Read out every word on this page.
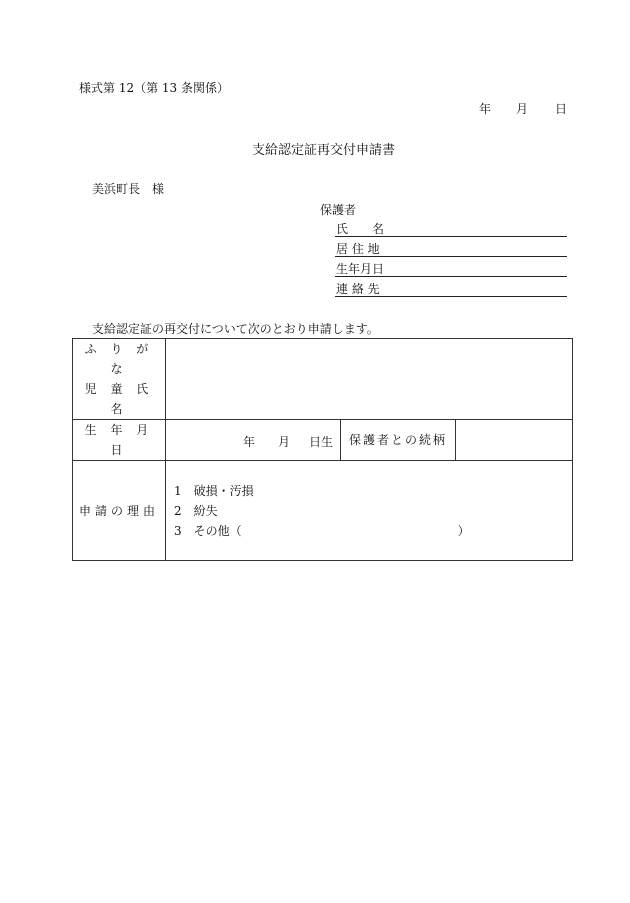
様式第 12（第 13 条関係）
年 月 日
支給認定証再交付申請書
美浜町長　様
保護者
氏　　名
居 住 地
生年月日
連 絡 先
支給認定証の再交付について次のとおり申請します。
ふ り が な
児 童 氏 名			

生 年 月 日	年 月 日生	保護者との続柄	

申請の理由	1　破損・汚損
2　紛失
3　その他（　　　　　　　　　　　　　　　　　　）		
